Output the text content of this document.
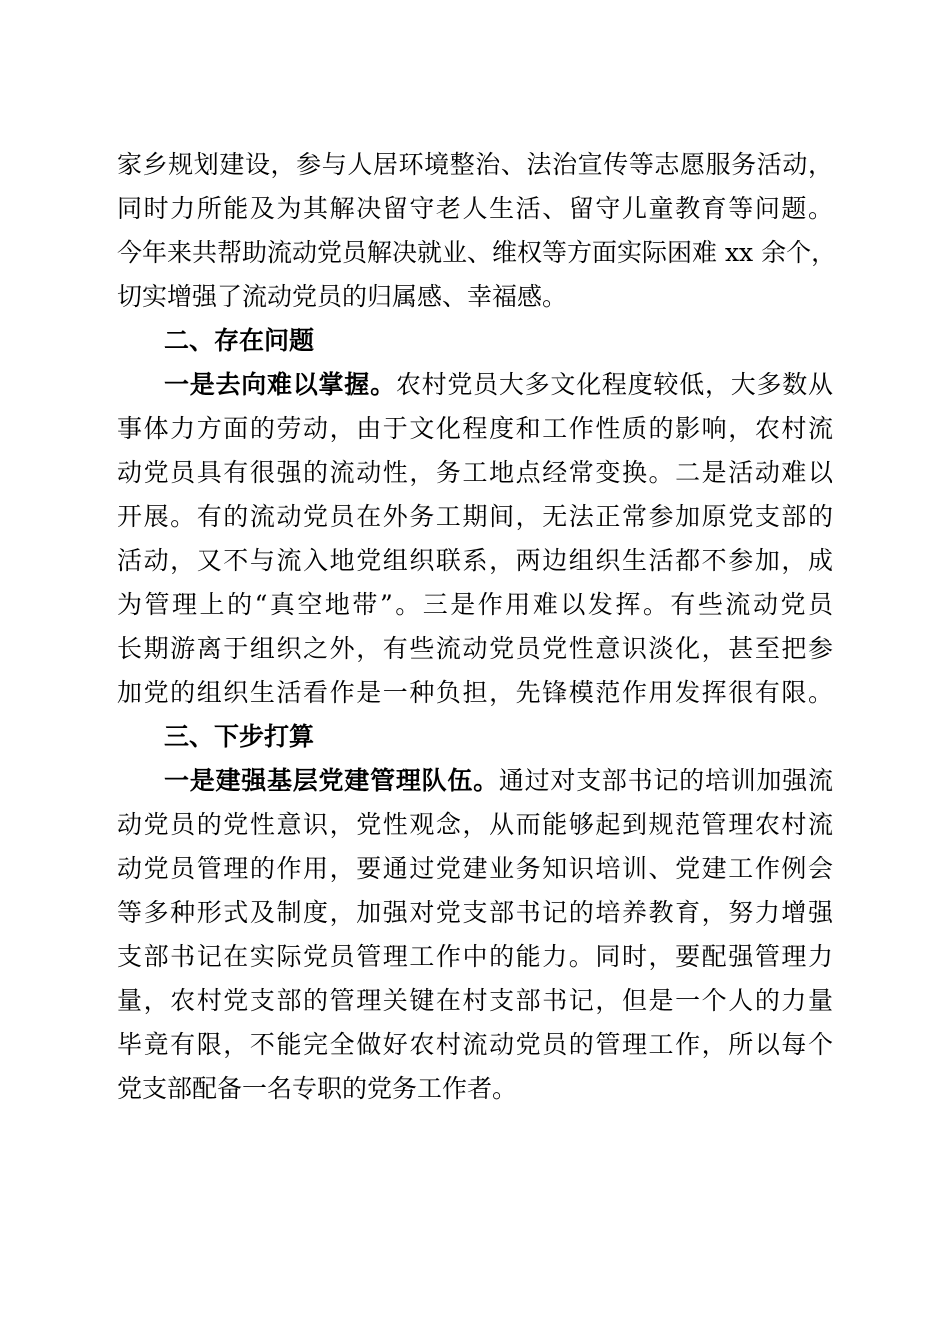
家乡规划建设，参与人居环境整治、法治宣传等志愿服务活动，
同时力所能及为其解决留守老人生活、留守儿童教育等问题。
今年来共帮助流动党员解决就业、维权等方面实际困难 xx 余个，
切实增强了流动党员的归属感、幸福感。
二、存在问题
一是去向难以掌握。农村党员大多文化程度较低，大多数从
事体力方面的劳动，由于文化程度和工作性质的影响，农村流
动党员具有很强的流动性，务工地点经常变换。二是活动难以
开展。有的流动党员在外务工期间，无法正常参加原党支部的
活动，又不与流入地党组织联系，两边组织生活都不参加，成
为管理上的“真空地带”。三是作用难以发挥。有些流动党员
长期游离于组织之外，有些流动党员党性意识淡化，甚至把参
加党的组织生活看作是一种负担，先锋模范作用发挥很有限。
三、下步打算
一是建强基层党建管理队伍。通过对支部书记的培训加强流
动党员的党性意识，党性观念，从而能够起到规范管理农村流
动党员管理的作用，要通过党建业务知识培训、党建工作例会
等多种形式及制度，加强对党支部书记的培养教育，努力增强
支部书记在实际党员管理工作中的能力。同时，要配强管理力
量，农村党支部的管理关键在村支部书记，但是一个人的力量
毕竟有限，不能完全做好农村流动党员的管理工作，所以每个
党支部配备一名专职的党务工作者。
